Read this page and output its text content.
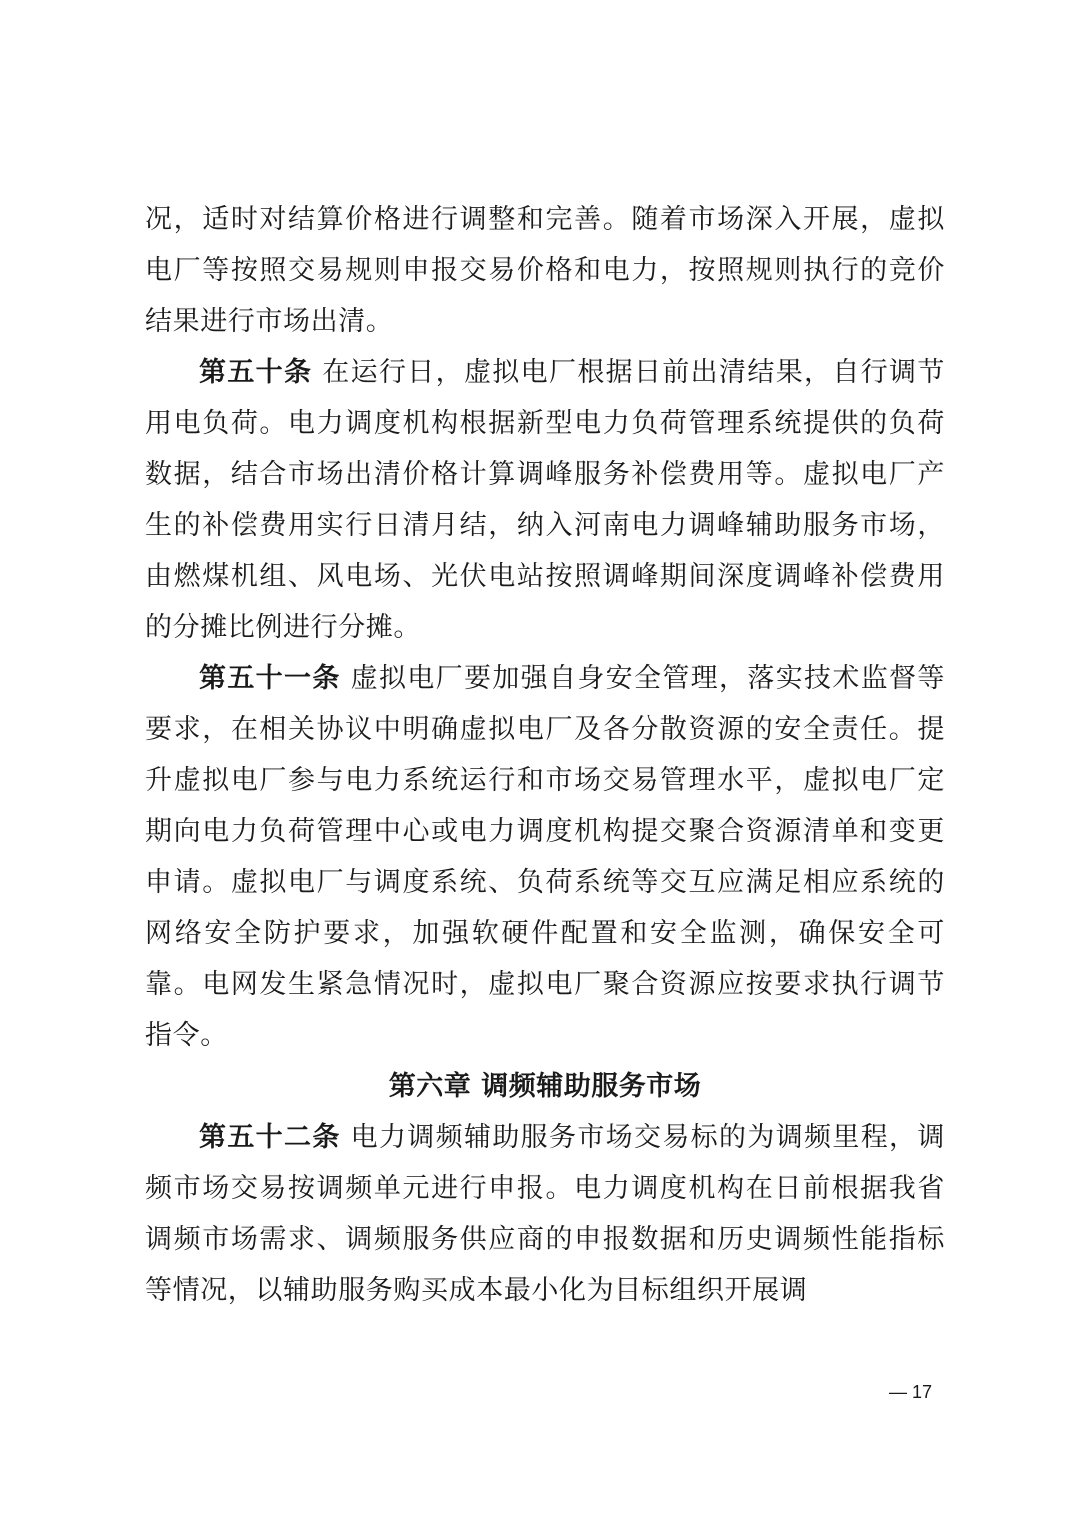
况，适时对结算价格进行调整和完善。随着市场深入开展，虚拟电厂等按照交易规则申报交易价格和电力，按照规则执行的竞价结果进行市场出清。

第五十条 在运行日，虚拟电厂根据日前出清结果，自行调节用电负荷。电力调度机构根据新型电力负荷管理系统提供的负荷数据，结合市场出清价格计算调峰服务补偿费用等。虚拟电厂产生的补偿费用实行日清月结，纳入河南电力调峰辅助服务市场，由燃煤机组、风电场、光伏电站按照调峰期间深度调峰补偿费用的分摊比例进行分摊。

第五十一条 虚拟电厂要加强自身安全管理，落实技术监督等要求，在相关协议中明确虚拟电厂及各分散资源的安全责任。提升虚拟电厂参与电力系统运行和市场交易管理水平，虚拟电厂定期向电力负荷管理中心或电力调度机构提交聚合资源清单和变更申请。虚拟电厂与调度系统、负荷系统等交互应满足相应系统的网络安全防护要求，加强软硬件配置和安全监测，确保安全可靠。电网发生紧急情况时，虚拟电厂聚合资源应按要求执行调节指令。

第六章 调频辅助服务市场

第五十二条 电力调频辅助服务市场交易标的为调频里程，调频市场交易按调频单元进行申报。电力调度机构在日前根据我省调频市场需求、调频服务供应商的申报数据和历史调频性能指标等情况，以辅助服务购买成本最小化为目标组织开展调

— 17
